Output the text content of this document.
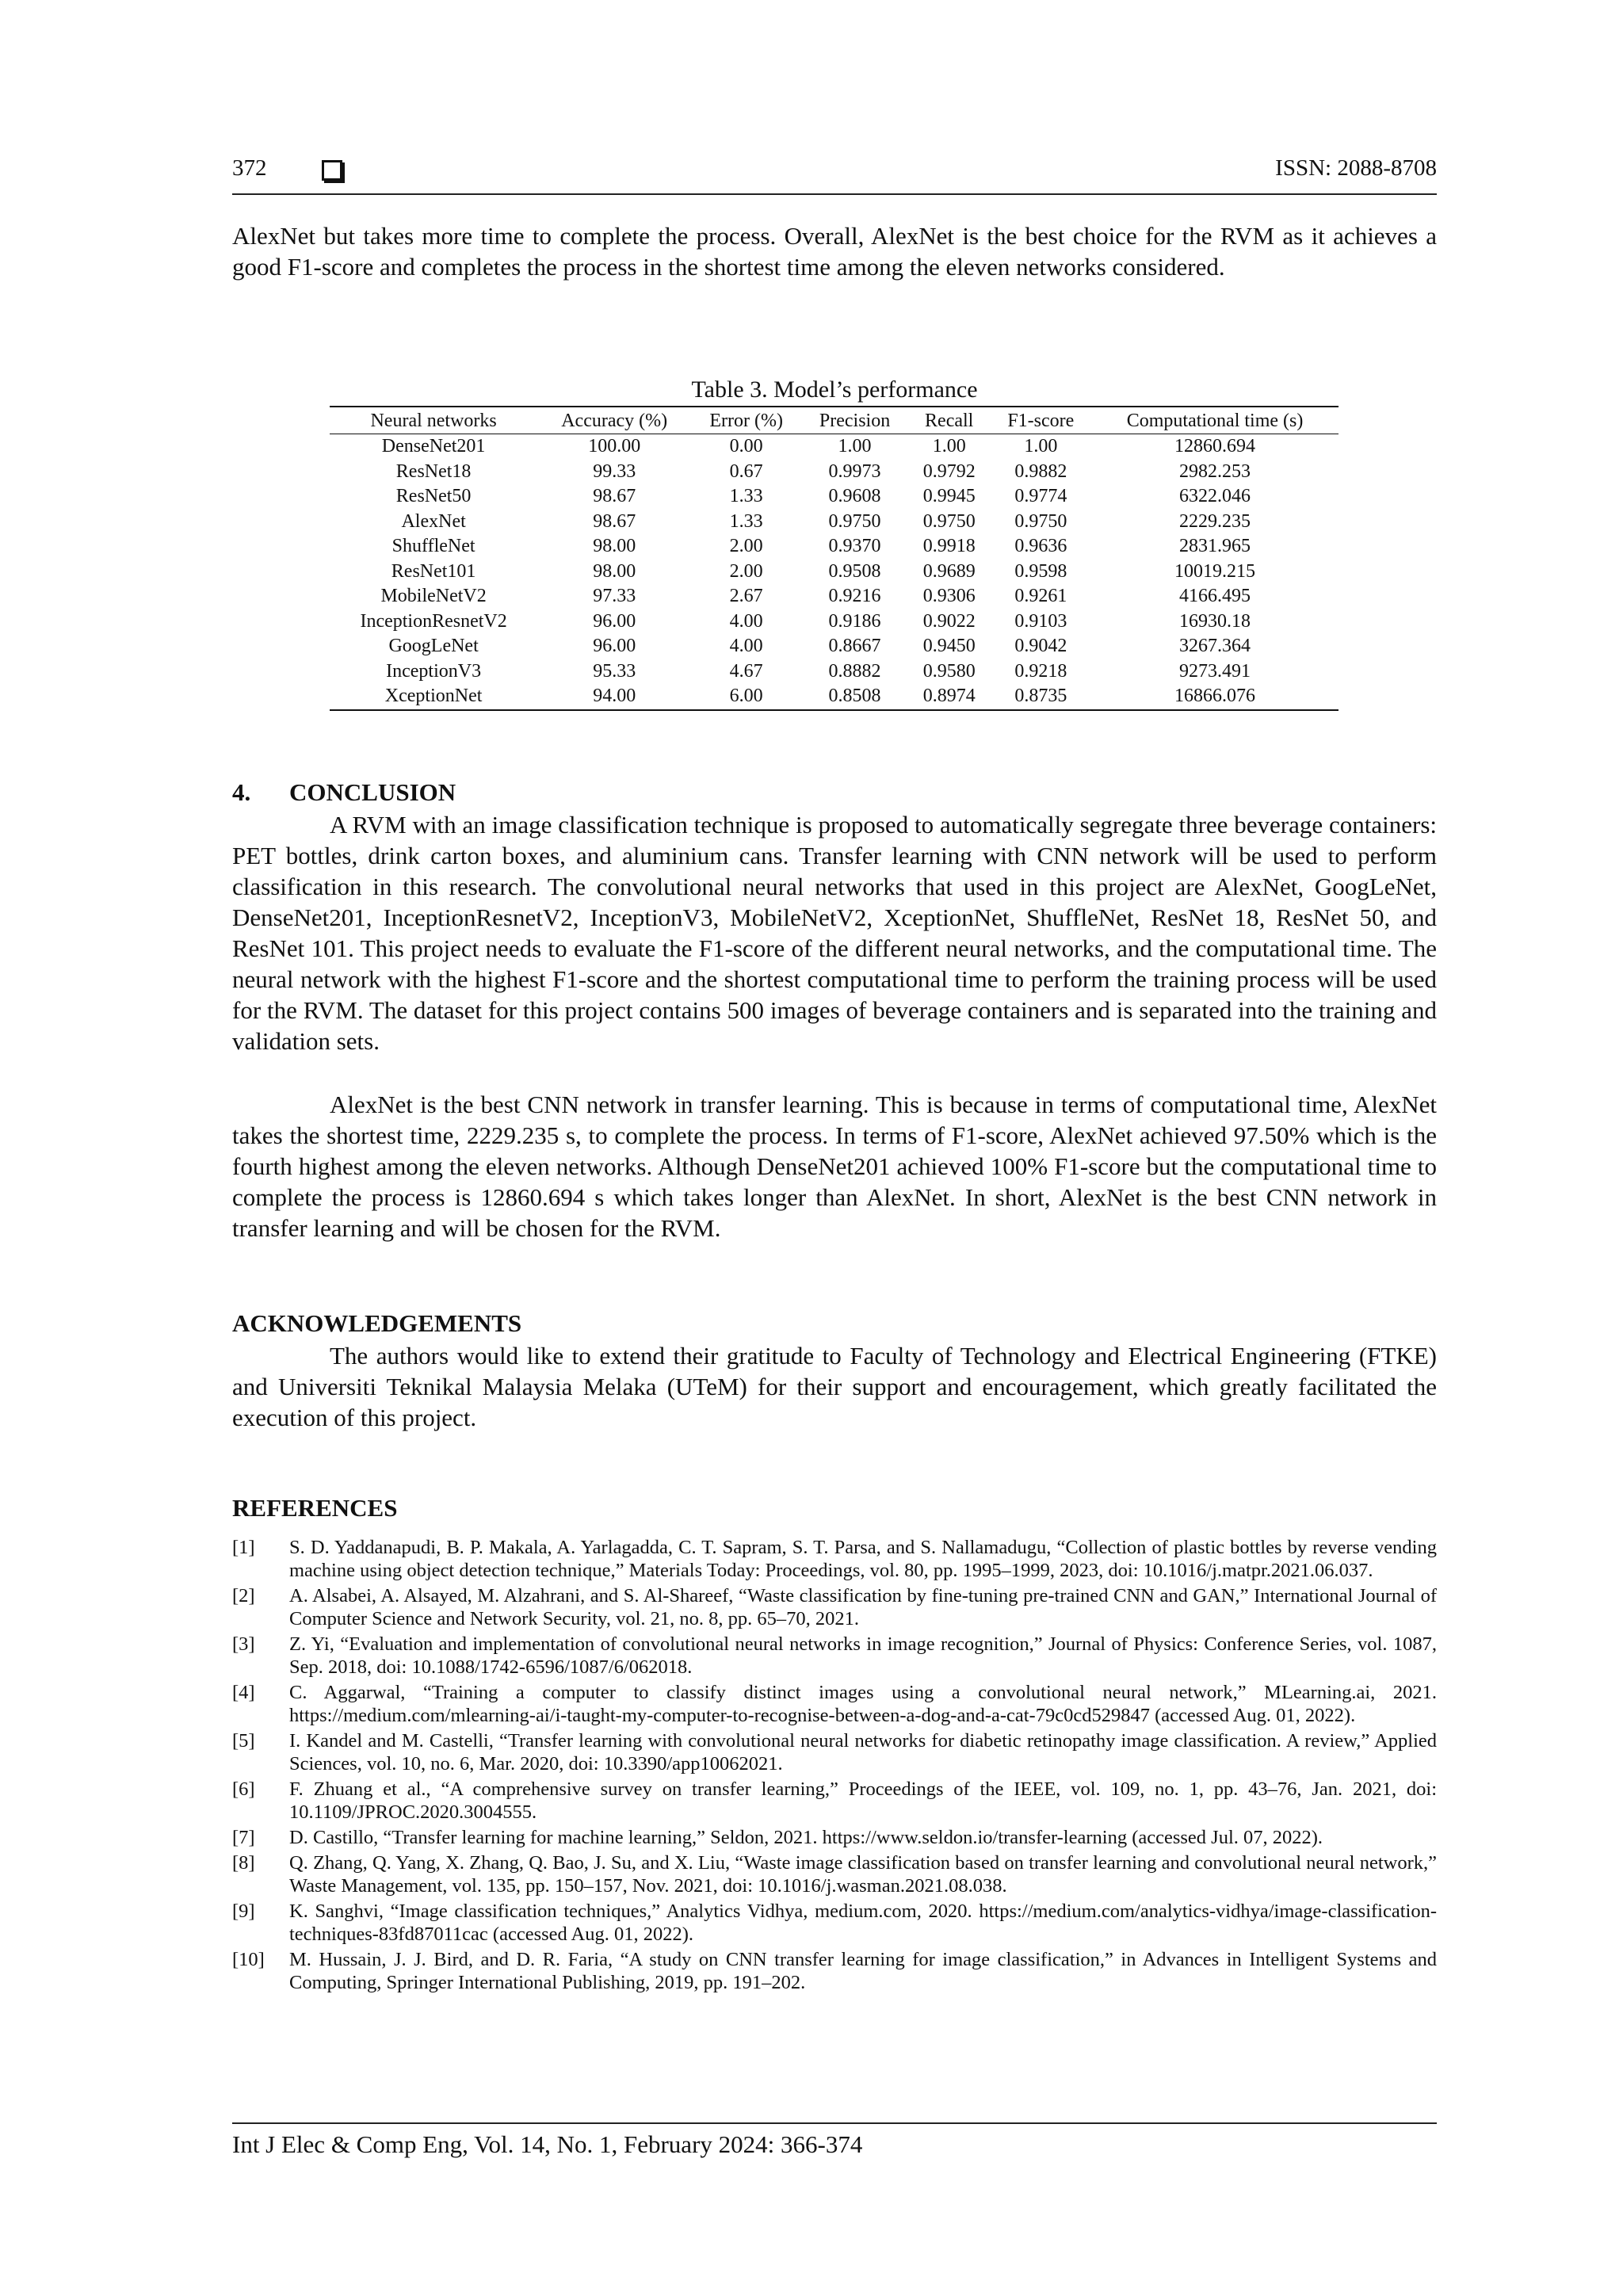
372	ISSN: 2088-8708
AlexNet but takes more time to complete the process. Overall, AlexNet is the best choice for the RVM as it achieves a good F1-score and completes the process in the shortest time among the eleven networks considered.
Table 3. Model’s performance
Neural networks	Accuracy (%)	Error (%)	Precision	Recall	F1-score	Computational time (s)
DenseNet201	100.00	0.00	1.00	1.00	1.00	12860.694
ResNet18	99.33	0.67	0.9973	0.9792	0.9882	2982.253
ResNet50	98.67	1.33	0.9608	0.9945	0.9774	6322.046
AlexNet	98.67	1.33	0.9750	0.9750	0.9750	2229.235
ShuffleNet	98.00	2.00	0.9370	0.9918	0.9636	2831.965
ResNet101	98.00	2.00	0.9508	0.9689	0.9598	10019.215
MobileNetV2	97.33	2.67	0.9216	0.9306	0.9261	4166.495
InceptionResnetV2	96.00	4.00	0.9186	0.9022	0.9103	16930.18
GoogLeNet	96.00	4.00	0.8667	0.9450	0.9042	3267.364
InceptionV3	95.33	4.67	0.8882	0.9580	0.9218	9273.491
XceptionNet	94.00	6.00	0.8508	0.8974	0.8735	16866.076
4. CONCLUSION
A RVM with an image classification technique is proposed to automatically segregate three beverage containers: PET bottles, drink carton boxes, and aluminium cans. Transfer learning with CNN network will be used to perform classification in this research. The convolutional neural networks that used in this project are AlexNet, GoogLeNet, DenseNet201, InceptionResnetV2, InceptionV3, MobileNetV2, XceptionNet, ShuffleNet, ResNet 18, ResNet 50, and ResNet 101. This project needs to evaluate the F1-score of the different neural networks, and the computational time. The neural network with the highest F1-score and the shortest computational time to perform the training process will be used for the RVM. The dataset for this project contains 500 images of beverage containers and is separated into the training and validation sets.
AlexNet is the best CNN network in transfer learning. This is because in terms of computational time, AlexNet takes the shortest time, 2229.235 s, to complete the process. In terms of F1-score, AlexNet achieved 97.50% which is the fourth highest among the eleven networks. Although DenseNet201 achieved 100% F1-score but the computational time to complete the process is 12860.694 s which takes longer than AlexNet. In short, AlexNet is the best CNN network in transfer learning and will be chosen for the RVM.
ACKNOWLEDGEMENTS
The authors would like to extend their gratitude to Faculty of Technology and Electrical Engineering (FTKE) and Universiti Teknikal Malaysia Melaka (UTeM) for their support and encouragement, which greatly facilitated the execution of this project.
REFERENCES
[1]	S. D. Yaddanapudi, B. P. Makala, A. Yarlagadda, C. T. Sapram, S. T. Parsa, and S. Nallamadugu, “Collection of plastic bottles by reverse vending machine using object detection technique,” Materials Today: Proceedings, vol. 80, pp. 1995–1999, 2023, doi: 10.1016/j.matpr.2021.06.037.
[2]	A. Alsabei, A. Alsayed, M. Alzahrani, and S. Al-Shareef, “Waste classification by fine-tuning pre-trained CNN and GAN,” International Journal of Computer Science and Network Security, vol. 21, no. 8, pp. 65–70, 2021.
[3]	Z. Yi, “Evaluation and implementation of convolutional neural networks in image recognition,” Journal of Physics: Conference Series, vol. 1087, Sep. 2018, doi: 10.1088/1742-6596/1087/6/062018.
[4]	C. Aggarwal, “Training a computer to classify distinct images using a convolutional neural network,” MLearning.ai, 2021. https://medium.com/mlearning-ai/i-taught-my-computer-to-recognise-between-a-dog-and-a-cat-79c0cd529847 (accessed Aug. 01, 2022).
[5]	I. Kandel and M. Castelli, “Transfer learning with convolutional neural networks for diabetic retinopathy image classification. A review,” Applied Sciences, vol. 10, no. 6, Mar. 2020, doi: 10.3390/app10062021.
[6]	F. Zhuang et al., “A comprehensive survey on transfer learning,” Proceedings of the IEEE, vol. 109, no. 1, pp. 43–76, Jan. 2021, doi: 10.1109/JPROC.2020.3004555.
[7]	D. Castillo, “Transfer learning for machine learning,” Seldon, 2021. https://www.seldon.io/transfer-learning (accessed Jul. 07, 2022).
[8]	Q. Zhang, Q. Yang, X. Zhang, Q. Bao, J. Su, and X. Liu, “Waste image classification based on transfer learning and convolutional neural network,” Waste Management, vol. 135, pp. 150–157, Nov. 2021, doi: 10.1016/j.wasman.2021.08.038.
[9]	K. Sanghvi, “Image classification techniques,” Analytics Vidhya, medium.com, 2020. https://medium.com/analytics-vidhya/image-classification-techniques-83fd87011cac (accessed Aug. 01, 2022).
[10]	M. Hussain, J. J. Bird, and D. R. Faria, “A study on CNN transfer learning for image classification,” in Advances in Intelligent Systems and Computing, Springer International Publishing, 2019, pp. 191–202.
Int J Elec & Comp Eng, Vol. 14, No. 1, February 2024: 366-374
